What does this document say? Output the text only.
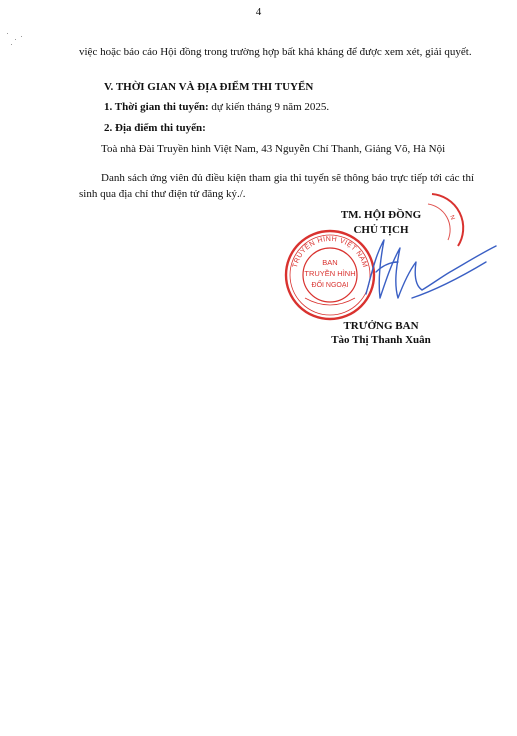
4

việc hoặc báo cáo Hội đồng trong trường hợp bất khả kháng để được xem xét, giải quyết.

V. THỜI GIAN VÀ ĐỊA ĐIỂM THI TUYỂN

1. Thời gian thi tuyển: dự kiến tháng 9 năm 2025.

2. Địa điểm thi tuyển:

Toà nhà Đài Truyền hình Việt Nam, 43 Nguyễn Chí Thanh, Giảng Võ, Hà Nội

Danh sách ứng viên đủ điều kiện tham gia thi tuyển sẽ thông báo trực tiếp tới các thí sinh qua địa chỉ thư điện tử đăng ký./.

N
TRUYỀN HÌNH VIỆT NAM
BAN
TRUYỀN HÌNH
ĐỐI NGOẠI
TM. HỘI ĐỒNG
CHỦ TỊCH
TRƯỞNG BAN
Tào Thị Thanh Xuân
